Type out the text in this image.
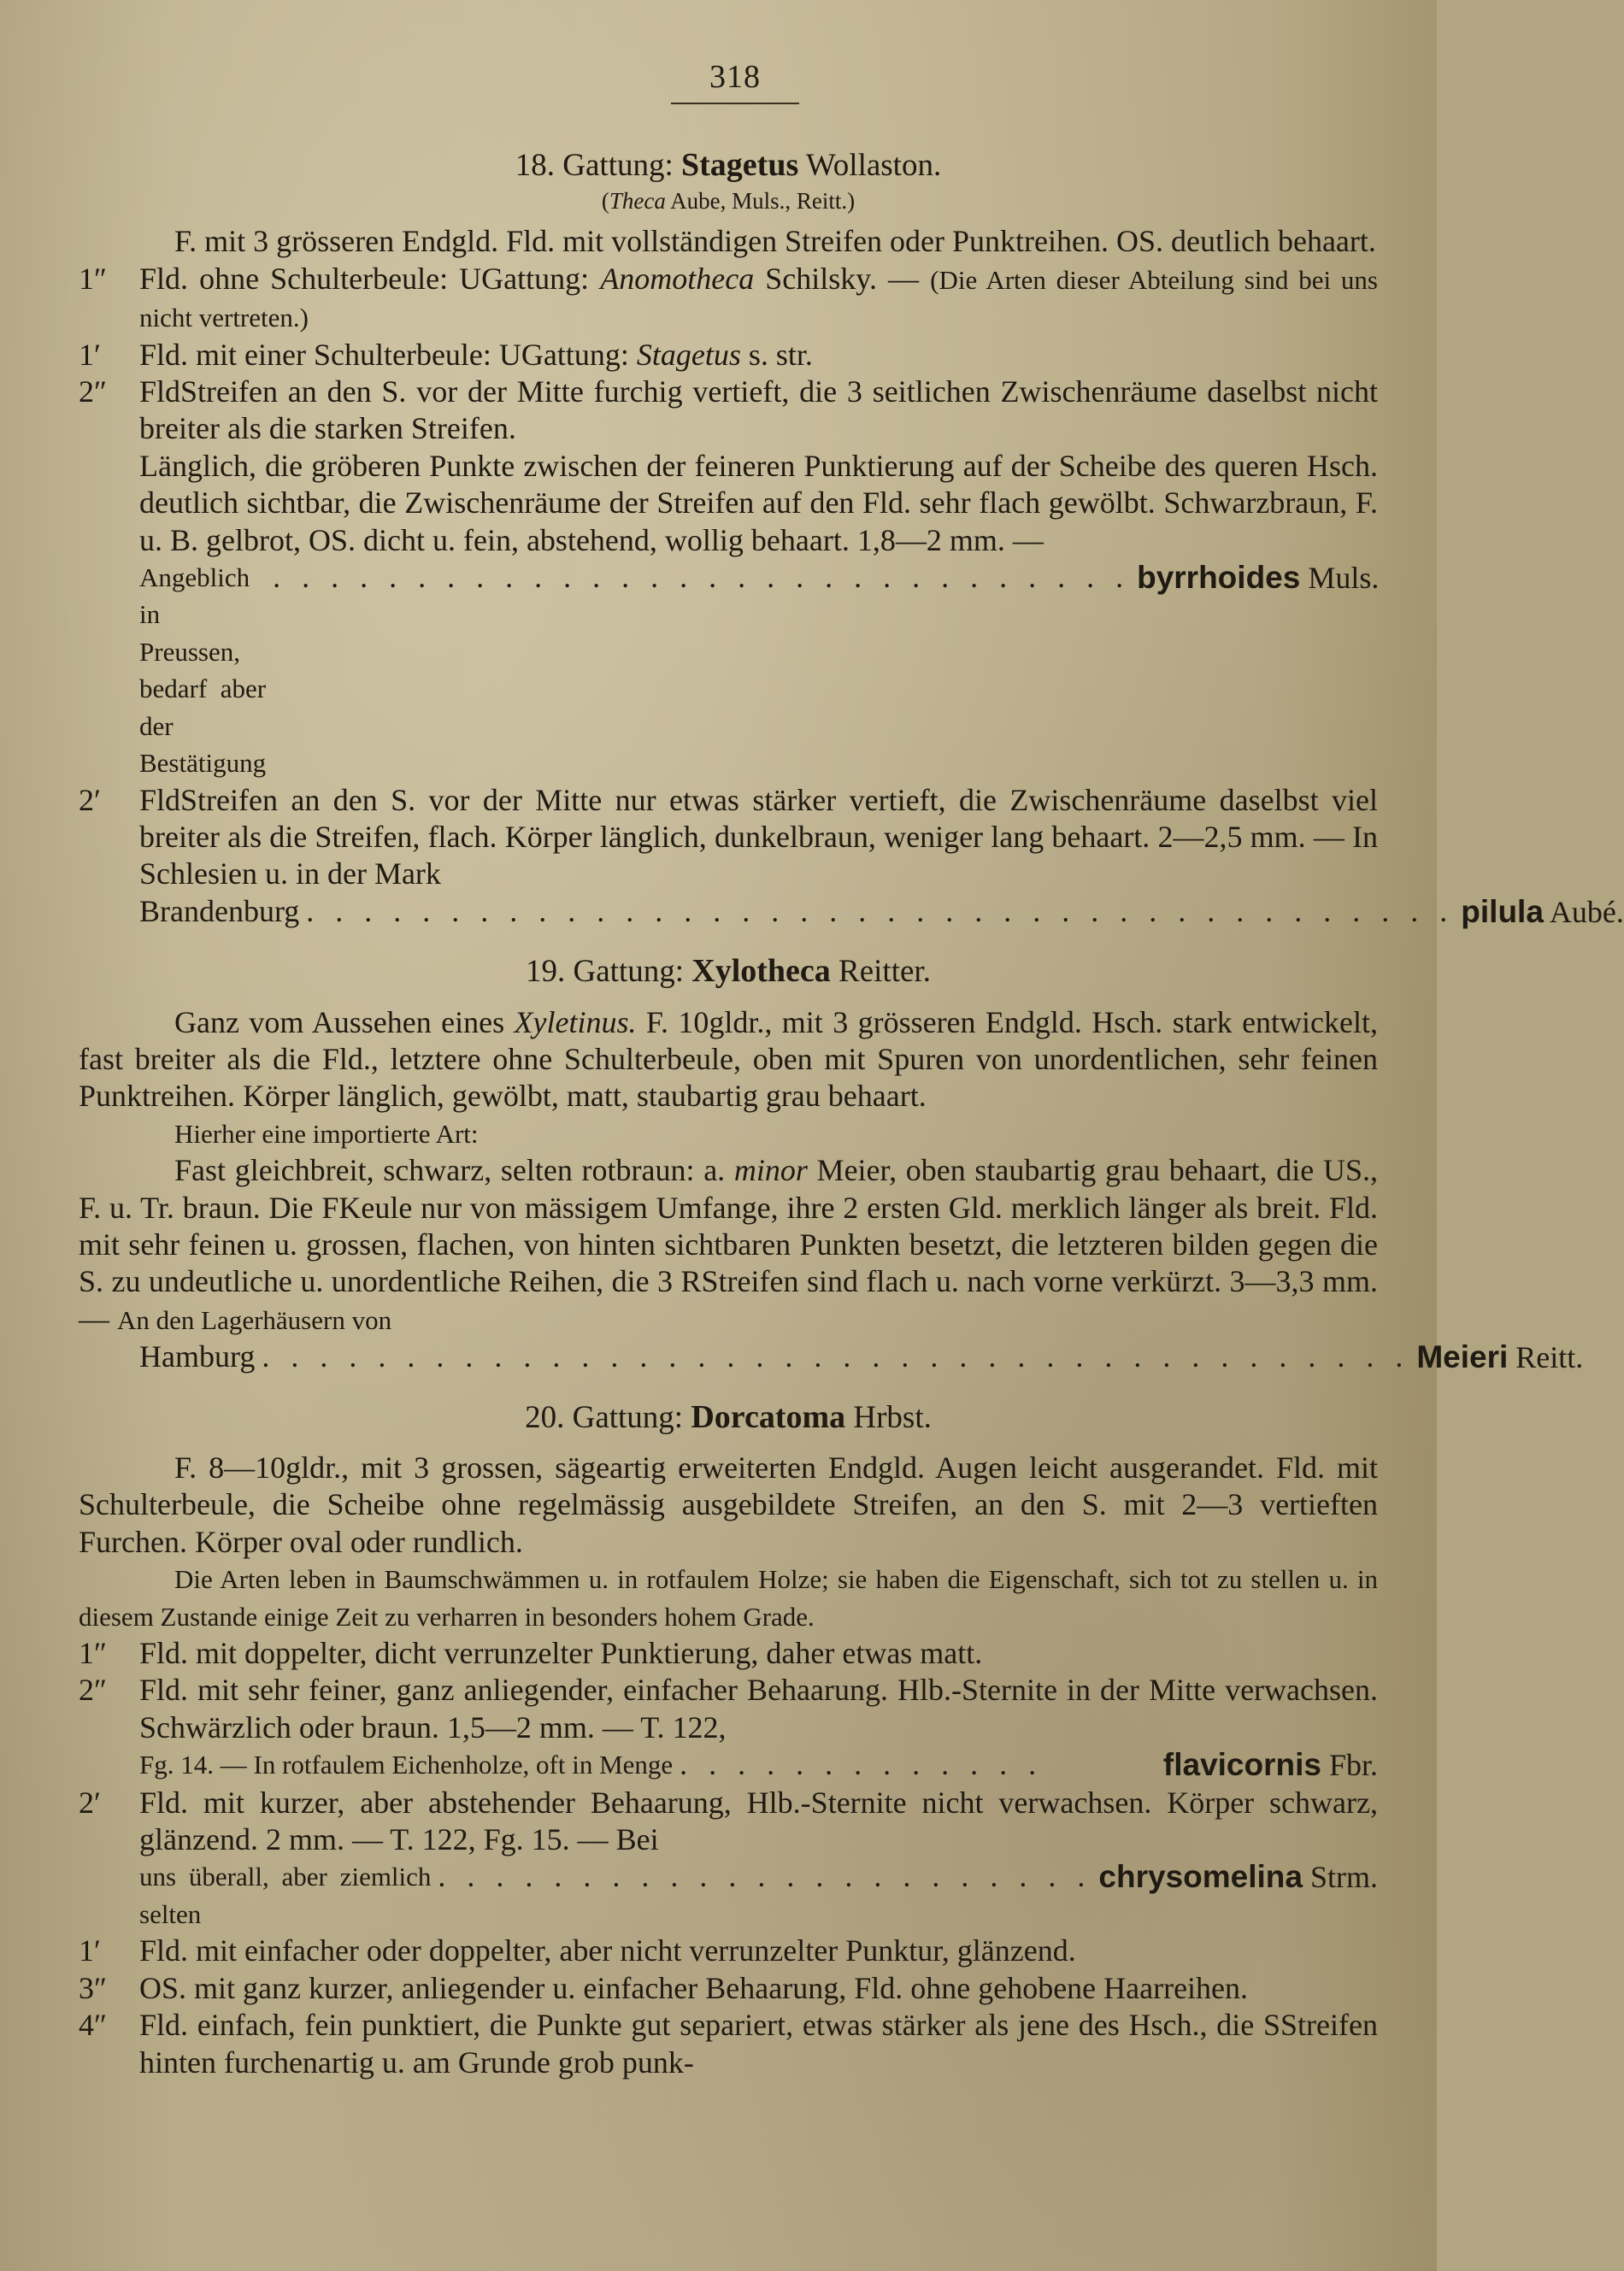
318
18. Gattung: Stagetus Wollaston.
(Theca Aube, Muls., Reitt.)
F. mit 3 grösseren Endgld. Fld. mit vollständigen Streifen oder Punktreihen. OS. deutlich behaart.
1″	Fld. ohne Schulterbeule: UGattung: Anomotheca Schilsky. — (Die Arten dieser Abteilung sind bei uns nicht vertreten.)
1′	Fld. mit einer Schulterbeule: UGattung: Stagetus s. str.
2″	FldStreifen an den S. vor der Mitte furchig vertieft, die 3 seitlichen Zwischenräume daselbst nicht breiter als die starken Streifen.
Länglich, die gröberen Punkte zwischen der feineren Punktierung auf der Scheibe des queren Hsch. deutlich sichtbar, die Zwischenräume der Streifen auf den Fld. sehr flach gewölbt. Schwarzbraun, F. u. B. gelbrot, OS. dicht u. fein, abstehend, wollig behaart. 1,8—2 mm. —
Angeblich in Preussen, bedarf aber der Bestätigung
. . . . . . . . . . . . . . . . . . . . . . . . . . . . . . byrrhoides Muls.
2′	FldStreifen an den S. vor der Mitte nur etwas stärker vertieft, die Zwischenräume daselbst viel breiter als die Streifen, flach. Körper länglich, dunkelbraun, weniger lang behaart. 2—2,5 mm. — In Schlesien u. in der Mark
Brandenburg . . . . . . . . . . . . . . . . . . . . . . . . . . . . . . . . . . . . . . . . pilula Aubé.
19. Gattung: Xylotheca Reitter.
Ganz vom Aussehen eines Xyletinus. F. 10gldr., mit 3 grösseren Endgld. Hsch. stark entwickelt, fast breiter als die Fld., letztere ohne Schulterbeule, oben mit Spuren von unordentlichen, sehr feinen Punktreihen. Körper länglich, gewölbt, matt, staubartig grau behaart.
Hierher eine importierte Art:
Fast gleichbreit, schwarz, selten rotbraun: a. minor Meier, oben staubartig grau behaart, die US., F. u. Tr. braun. Die FKeule nur von mässigem Umfange, ihre 2 ersten Gld. merklich länger als breit. Fld. mit sehr feinen u. grossen, flachen, von hinten sichtbaren Punkten besetzt, die letzteren bilden gegen die S. zu undeutliche u. unordentliche Reihen, die 3 RStreifen sind flach u. nach vorne verkürzt. 3—3,3 mm. — An den Lagerhäusern von
Hamburg . . . . . . . . . . . . . . . . . . . . . . . . . . . . . . . . . . . . . . . . Meieri Reitt.
20. Gattung: Dorcatoma Hrbst.
F. 8—10gldr., mit 3 grossen, sägeartig erweiterten Endgld. Augen leicht ausgerandet. Fld. mit Schulterbeule, die Scheibe ohne regelmässig ausgebildete Streifen, an den S. mit 2—3 vertieften Furchen. Körper oval oder rundlich.
Die Arten leben in Baumschwämmen u. in rotfaulem Holze; sie haben die Eigenschaft, sich tot zu stellen u. in diesem Zustande einige Zeit zu verharren in besonders hohem Grade.
1″	Fld. mit doppelter, dicht verrunzelter Punktierung, daher etwas matt.
2″	Fld. mit sehr feiner, ganz anliegender, einfacher Behaarung. Hlb.-Sternite in der Mitte verwachsen. Schwärzlich oder braun. 1,5—2 mm. — T. 122,
Fg. 14. — In rotfaulem Eichenholze, oft in Menge . . . . . . . . . . . . .	flavicornis Fbr.
2′	Fld. mit kurzer, aber abstehender Behaarung, Hlb.-Sternite nicht verwachsen. Körper schwarz, glänzend. 2 mm. — T. 122, Fg. 15. — Bei
uns überall, aber ziemlich selten
. . . . . . . . . . . . . . . . . . . . . . . chrysomelina Strm.
1′	Fld. mit einfacher oder doppelter, aber nicht verrunzelter Punktur, glänzend.
3″	OS. mit ganz kurzer, anliegender u. einfacher Behaarung, Fld. ohne gehobene Haarreihen.
4″	Fld. einfach, fein punktiert, die Punkte gut separiert, etwas stärker als jene des Hsch., die SStreifen hinten furchenartig u. am Grunde grob punk-
